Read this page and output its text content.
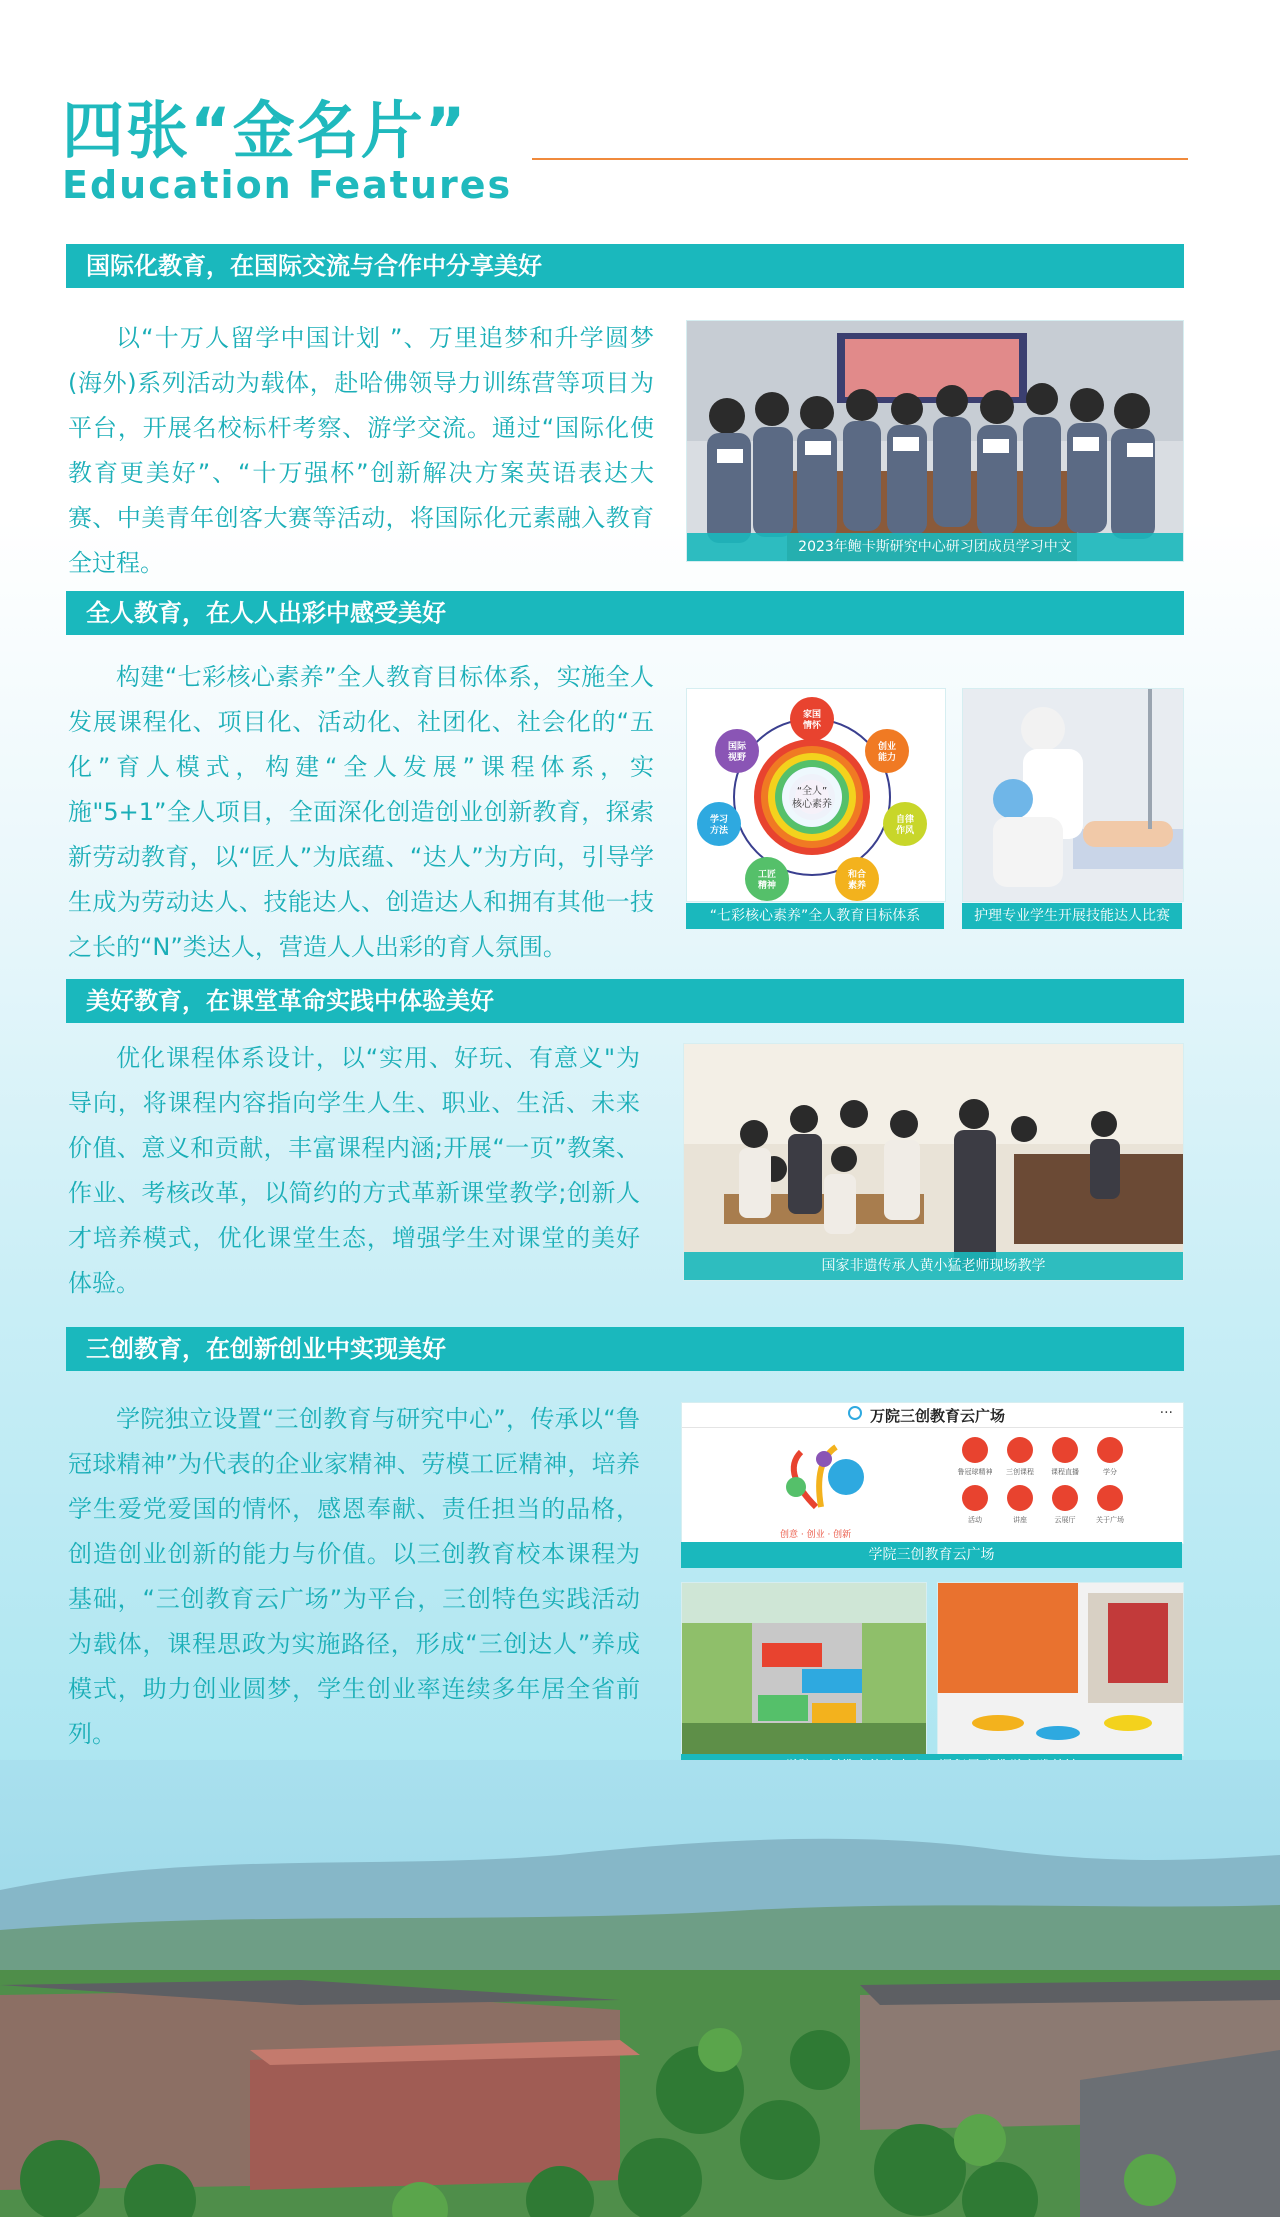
四张“金名片”
Education Features
国际化教育，在国际交流与合作中分享美好

以“十万人留学中国计划 ”、万里追梦和升学圆梦(海外)系列活动为载体，赴哈佛领导力训练营等项目为平台，开展名校标杆考察、游学交流。通过“国际化使教育更美好”、“十万强杯”创新解决方案英语表达大赛、中美青年创客大赛等活动，将国际化元素融入教育全过程。

2023年鲍卡斯研究中心研习团成员学习中文
全人教育，在人人出彩中感受美好

构建“七彩核心素养”全人教育目标体系，实施全人发展课程化、项目化、活动化、社团化、社会化的“五化”育人模式，构建“全人发展”课程体系，实施"5+1”全人项目，全面深化创造创业创新教育，探索新劳动教育，以“匠人”为底蕴、“达人”为方向，引导学生成为劳动达人、技能达人、创造达人和拥有其他一技之长的“N”类达人，营造人人出彩的育人氛围。

“全人”
核心素养
家国
情怀
创业
能力
自律
作风
和合
素养
工匠
精神
学习
方法
国际
视野
“七彩核心素养”全人教育目标体系	护理专业学生开展技能达人比赛
美好教育，在课堂革命实践中体验美好

优化课程体系设计，以“实用、好玩、有意义"为导向，将课程内容指向学生人生、职业、生活、未来价值、意义和贡献，丰富课程内涵;开展“一页”教案、作业、考核改革，以简约的方式革新课堂教学;创新人才培养模式，优化课堂生态，增强学生对课堂的美好体验。

国家非遗传承人黄小猛老师现场教学
三创教育，在创新创业中实现美好

学院独立设置“三创教育与研究中心”，传承以“鲁冠球精神”为代表的企业家精神、劳模工匠精神，培养学生爱党爱国的情怀，感恩奉献、责任担当的品格，创造创业创新的能力与价值。以三创教育校本课程为基础，“三创教育云广场”为平台，三创特色实践活动为载体，课程思政为实施路径，形成“三创达人”养成模式，助力创业圆梦，学生创业率连续多年居全省前列。

万院三创教育云广场	···
创意 · 创业 · 创新
鲁冠球精神	三创课程	课程直播	学分
活动	讲座	云展厅	关于广场
学院三创教育云广场
